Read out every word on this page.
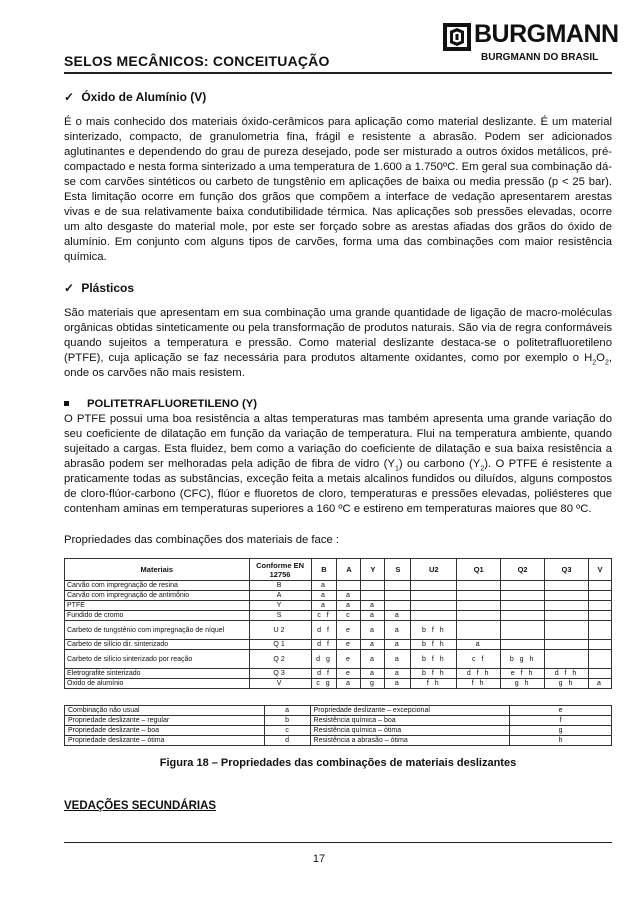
SELOS MECÂNICOS: CONCEITUAÇÃO
BURGMANN
BURGMANN DO BRASIL
✓ Óxido de Alumínio (V)

É o mais conhecido dos materiais óxido-cerâmicos para aplicação como material deslizante. É um material sinterizado, compacto, de granulometria fina, frágil e resistente a abrasão. Podem ser adicionados aglutinantes e dependendo do grau de pureza desejado, pode ser misturado a outros óxidos metálicos, pré-compactado e nesta forma sinterizado a uma temperatura de 1.600 a 1.750ºC. Em geral sua combinação dá-se com carvões sintéticos ou carbeto de tungstênio em aplicações de baixa ou media pressão (p < 25 bar). Esta limitação ocorre em função dos grãos que compõem a interface de vedação apresentarem arestas vivas e de sua relativamente baixa condutibilidade térmica. Nas aplicações sob pressões elevadas, ocorre um alto desgaste do material mole, por este ser forçado sobre as arestas afiadas dos grãos do óxido de alumínio. Em conjunto com alguns tipos de carvões, forma uma das combinações com maior resistência química.

✓ Plásticos

São materiais que apresentam em sua combinação uma grande quantidade de ligação de macro-moléculas orgânicas obtidas sinteticamente ou pela transformação de produtos naturais. São via de regra conformáveis quando sujeitos a temperatura e pressão. Como material deslizante destaca-se o politetrafluoretileno (PTFE), cuja aplicação se faz necessária para produtos altamente oxidantes, como por exemplo o $H_2O_2$, onde os carvões não mais resistem.

POLITETRAFLUORETILENO (Y)

O PTFE possui uma boa resistência a altas temperaturas mas também apresenta uma grande variação do seu coeficiente de dilatação em função da variação de temperatura. Flui na temperatura ambiente, quando sujeitado a cargas. Esta fluidez, bem como a variação do coeficiente de dilatação e sua baixa resistência a abrasão podem ser melhoradas pela adição de fibra de vidro $(Y_1)$ ou carbono $(Y_2)$. O PTFE é resistente a praticamente todas as substâncias, exceção feita a metais alcalinos fundidos ou diluídos, alguns compostos de cloro-flúor-carbono (CFC), flúor e fluoretos de cloro, temperaturas e pressões elevadas, poliésteres que contenham aminas em temperaturas superiores a 160 ºC e estireno em temperaturas maiores que 80 ºC.

Propriedades das combinações dos materiais de face :

Materiais	Conforme EN 12756	B	A	Y	S	U2	Q1	Q2	Q3	V
Carvão com impregnação de resina	B	a								
Carvão com impregnação de antimônio	A	a	a							
PTFE	Y	a	a	a						
Fundido de cromo	S	c f	c	a	a					
Carbeto de tungstênio com impregnação de níquel	U2	d f	e	a	a	b f h				
Carbeto de silício dir. sinterizado	Q1	d f	e	a	a	b f h	a			
Carbeto de silício sinterizado por reação	Q2	d g	e	a	a	b f h	c f	b g h		
Eletrografite sinterizado	Q3	d f	e	a	a	b f h	d f h	e f h	d f h	
Óxido de alumínio	V	c g	a	g	a	f h	f h	g h	g h	a
Combinação não usual	a	Propriedade deslizante – excepcional	e
Propriedade deslizante – regular	b	Resistência química – boa	f
Propriedade deslizante – boa	c	Resistência química – ótima	g
Propriedade deslizante – ótima	d	Resistência a abrasão – ótima	h
Figura 18 – Propriedades das combinações de materiais deslizantes
VEDAÇÕES SECUNDÁRIAS
17
